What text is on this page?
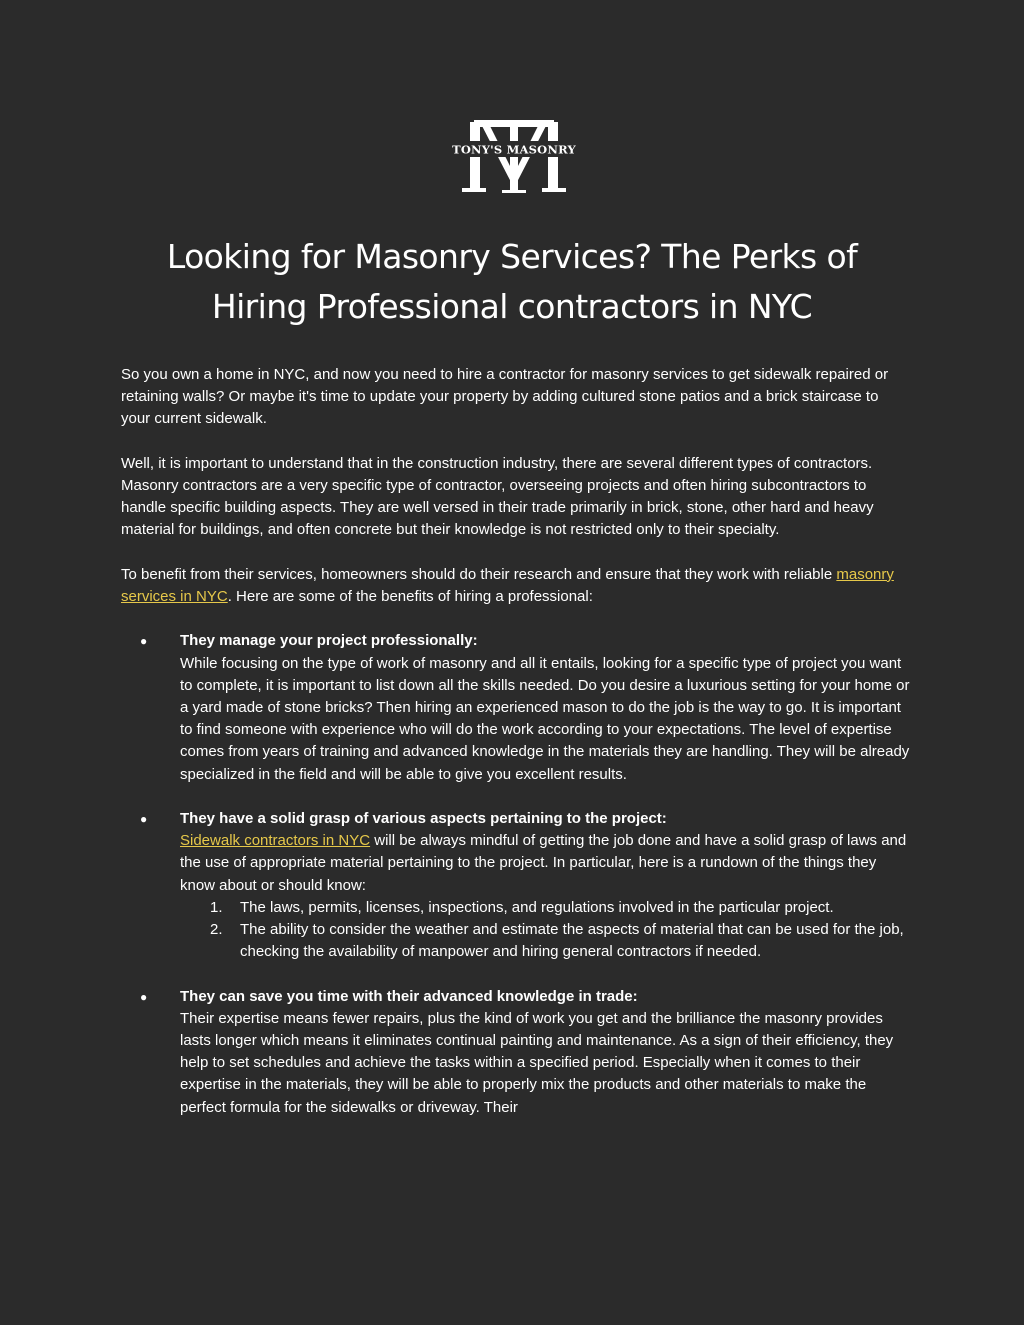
TONY'S MASONRY
Looking for Masonry Services? The Perks of
Hiring Professional contractors in NYC

So you own a home in NYC, and now you need to hire a contractor for masonry services to get sidewalk repaired or retaining walls? Or maybe it's time to update your property by adding cultured stone patios and a brick staircase to your current sidewalk.

Well, it is important to understand that in the construction industry, there are several different types of contractors. Masonry contractors are a very specific type of contractor, overseeing projects and often hiring subcontractors to handle specific building aspects. They are well versed in their trade primarily in brick, stone, other hard and heavy material for buildings, and often concrete but their knowledge is not restricted only to their specialty.

To benefit from their services, homeowners should do their research and ensure that they work with reliable masonry services in NYC. Here are some of the benefits of hiring a professional:

● They manage your project professionally:
While focusing on the type of work of masonry and all it entails, looking for a specific type of project you want to complete, it is important to list down all the skills needed. Do you desire a luxurious setting for your home or a yard made of stone bricks? Then hiring an experienced mason to do the job is the way to go. It is important to find someone with experience who will do the work according to your expectations. The level of expertise comes from years of training and advanced knowledge in the materials they are handling. They will be already specialized in the field and will be able to give you excellent results.
● They have a solid grasp of various aspects pertaining to the project:
Sidewalk contractors in NYC will be always mindful of getting the job done and have a solid grasp of laws and the use of appropriate material pertaining to the project. In particular, here is a rundown of the things they know about or should know:
1. The laws, permits, licenses, inspections, and regulations involved in the particular project.
2. The ability to consider the weather and estimate the aspects of material that can be used for the job, checking the availability of manpower and hiring general contractors if needed.
● They can save you time with their advanced knowledge in trade:
Their expertise means fewer repairs, plus the kind of work you get and the brilliance the masonry provides lasts longer which means it eliminates continual painting and maintenance. As a sign of their efficiency, they help to set schedules and achieve the tasks within a specified period. Especially when it comes to their expertise in the materials, they will be able to properly mix the products and other materials to make the perfect formula for the sidewalks or driveway. Their
